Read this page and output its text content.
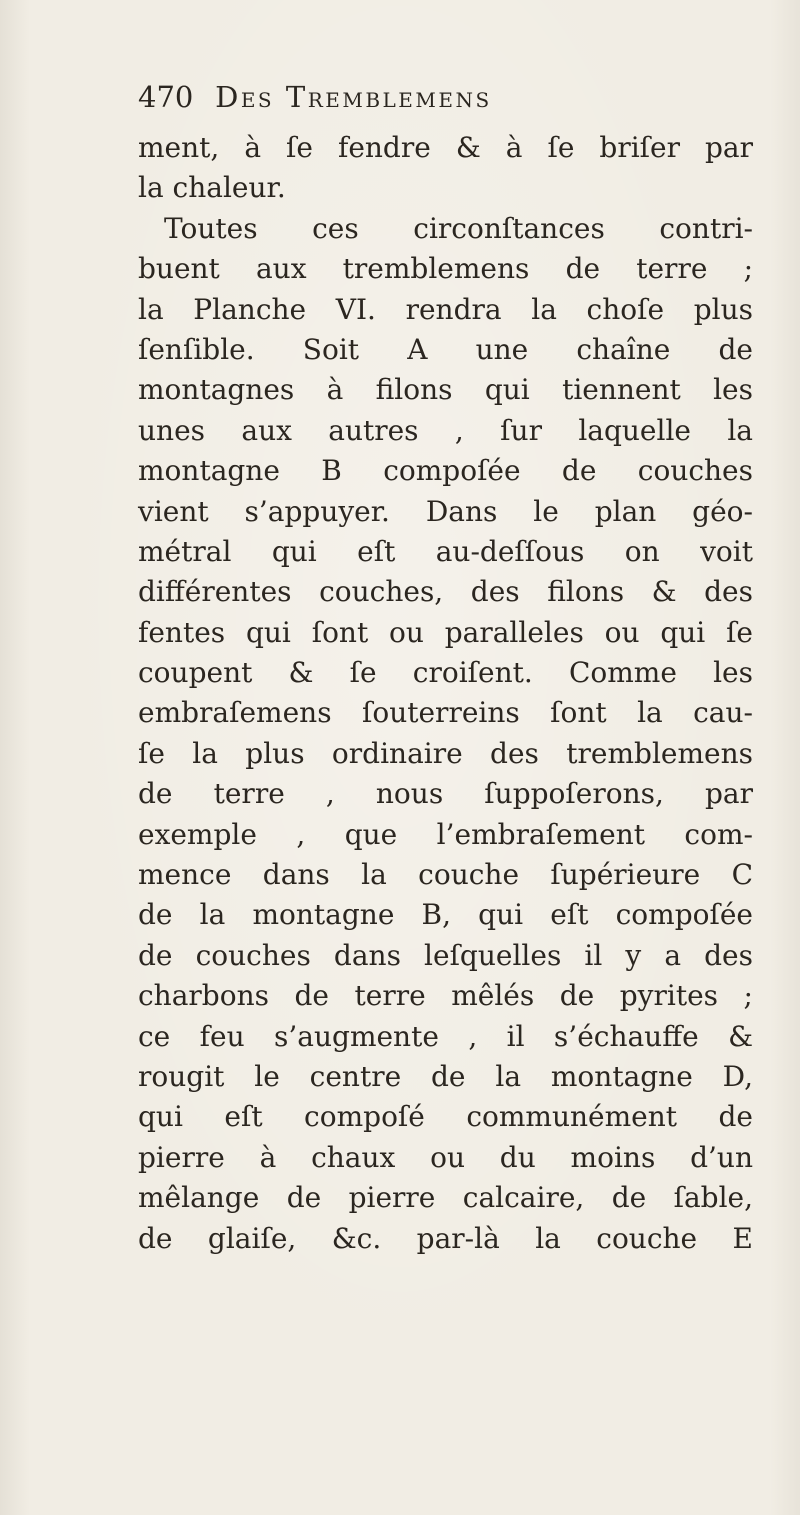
470 Des Tremblemens
ment, à ſe fendre & à ſe briſer par
la chaleur.
Toutes ces circonſtances contri-
buent aux tremblemens de terre ;
la Planche VI. rendra la choſe plus
ſenſible. Soit A une chaîne de
montagnes à filons qui tiennent les
unes aux autres , ſur laquelle la
montagne B compoſée de couches
vient s’appuyer. Dans le plan géo-
métral qui eſt au-deſſous on voit
différentes couches, des filons & des
fentes qui ſont ou paralleles ou qui ſe
coupent & ſe croiſent. Comme les
embraſemens ſouterreins ſont la cau-
ſe la plus ordinaire des tremblemens
de terre , nous ſuppoſerons, par
exemple , que l’embraſement com-
mence dans la couche ſupérieure C
de la montagne B, qui eſt compoſée
de couches dans leſquelles il y a des
charbons de terre mêlés de pyrites ;
ce feu s’augmente , il s’échauffe &
rougit le centre de la montagne D,
qui eſt compoſé communément de
pierre à chaux ou du moins d’un
mêlange de pierre calcaire, de ſable,
de glaiſe, &c. par-là la couche E
